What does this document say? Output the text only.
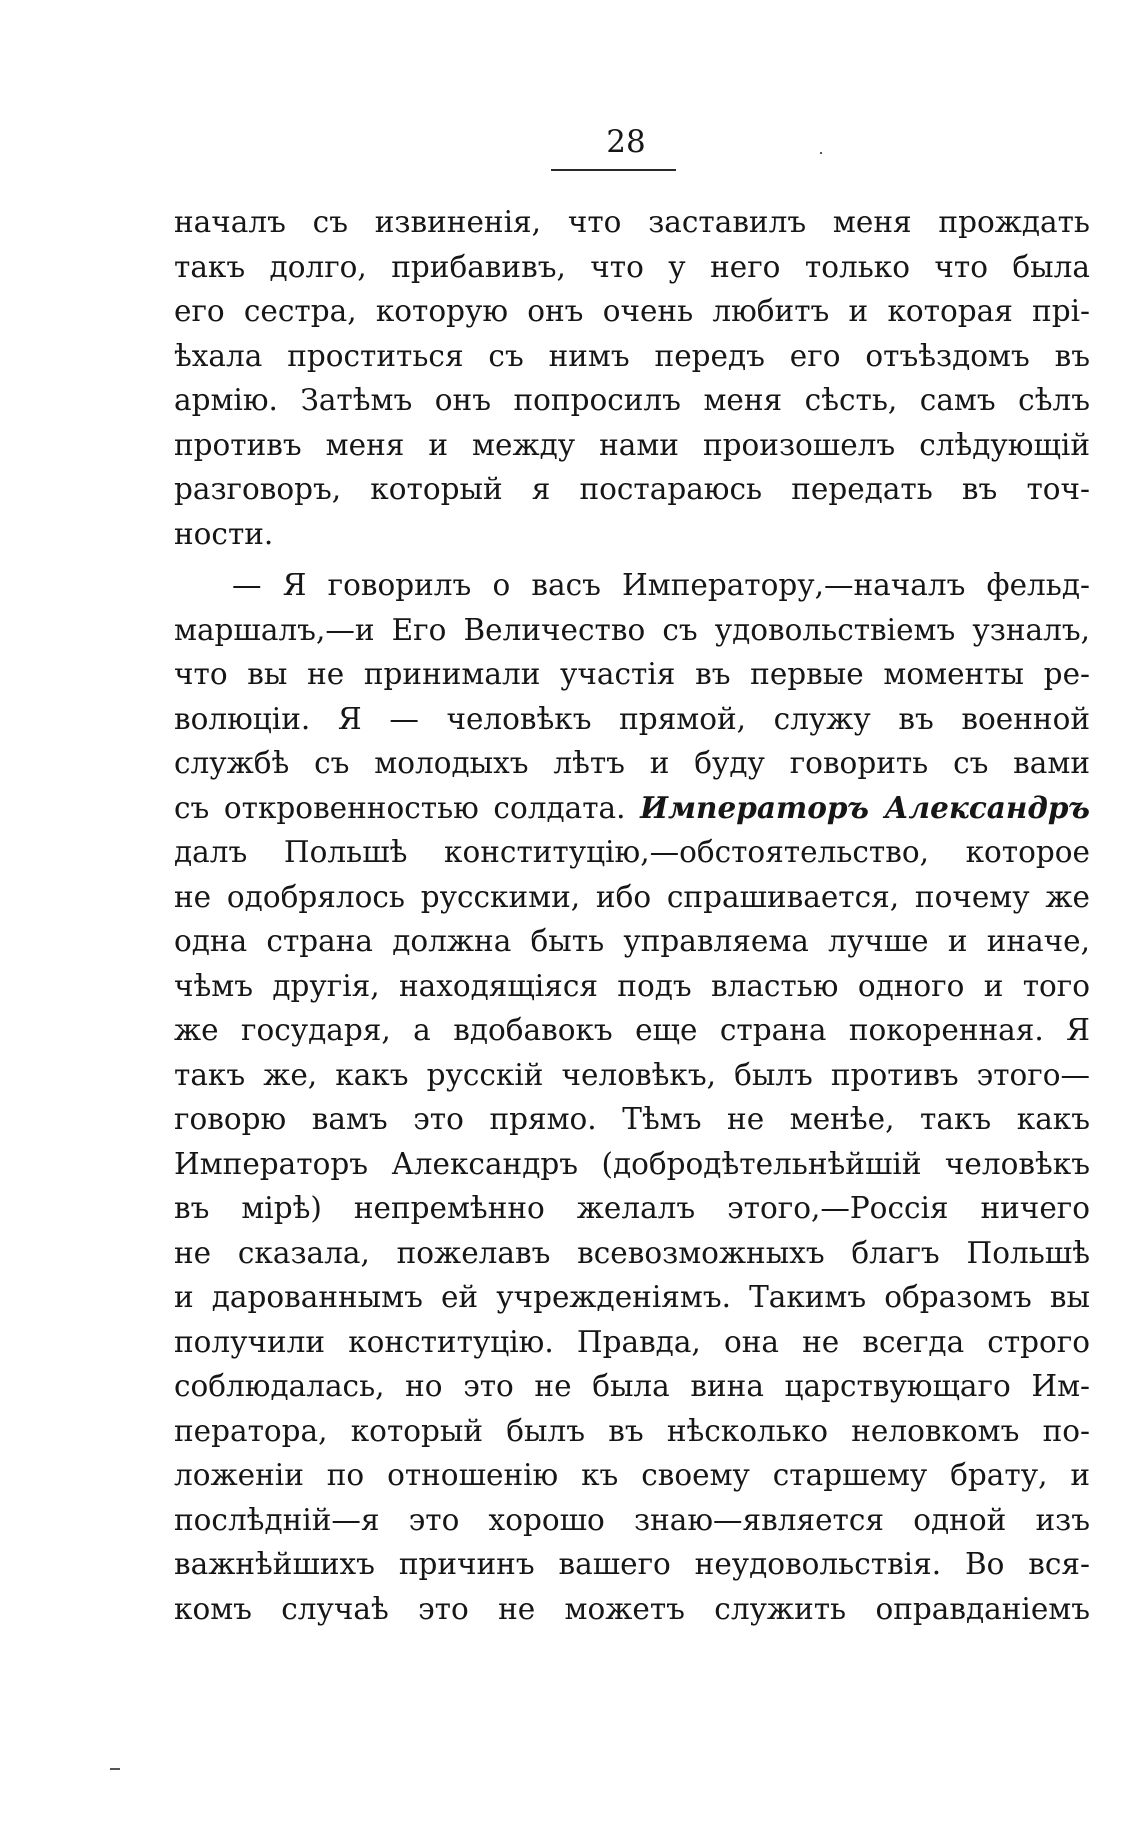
28
началъ съ извиненія, что заставилъ меня прождать
такъ долго, прибавивъ, что у него только что была
его сестра, которую онъ очень любитъ и которая прі-
ѣхала проститься съ нимъ передъ его отъѣздомъ въ
армію. Затѣмъ онъ попросилъ меня сѣсть, самъ сѣлъ
противъ меня и между нами произошелъ слѣдующій
разговоръ, который я постараюсь передать въ точ-
ности.
— Я говорилъ о васъ Императору,—началъ фельд-
маршалъ,—и Его Величество съ удовольствіемъ узналъ,
что вы не принимали участія въ первые моменты ре-
волюціи. Я — человѣкъ прямой, служу въ военной
службѣ съ молодыхъ лѣтъ и буду говорить съ вами
съ откровенностью солдата. Императоръ Александръ
далъ Польшѣ конституцію,—обстоятельство, которое
не одобрялось русскими, ибо спрашивается, почему же
одна страна должна быть управляема лучше и иначе,
чѣмъ другія, находящіяся подъ властью одного и того
же государя, а вдобавокъ еще страна покоренная. Я
такъ же, какъ русскій человѣкъ, былъ противъ этого—
говорю вамъ это прямо. Тѣмъ не менѣе, такъ какъ
Императоръ Александръ (добродѣтельнѣйшій человѣкъ
въ мірѣ) непремѣнно желалъ этого,—Россія ничего
не сказала, пожелавъ всевозможныхъ благъ Польшѣ
и дарованнымъ ей учрежденіямъ. Такимъ образомъ вы
получили конституцію. Правда, она не всегда строго
соблюдалась, но это не была вина царствующаго Им-
ператора, который былъ въ нѣсколько неловкомъ по-
ложеніи по отношенію къ своему старшему брату, и
послѣдній—я это хорошо знаю—является одной изъ
важнѣйшихъ причинъ вашего неудовольствія. Во вся-
комъ случаѣ это не можетъ служить оправданіемъ
